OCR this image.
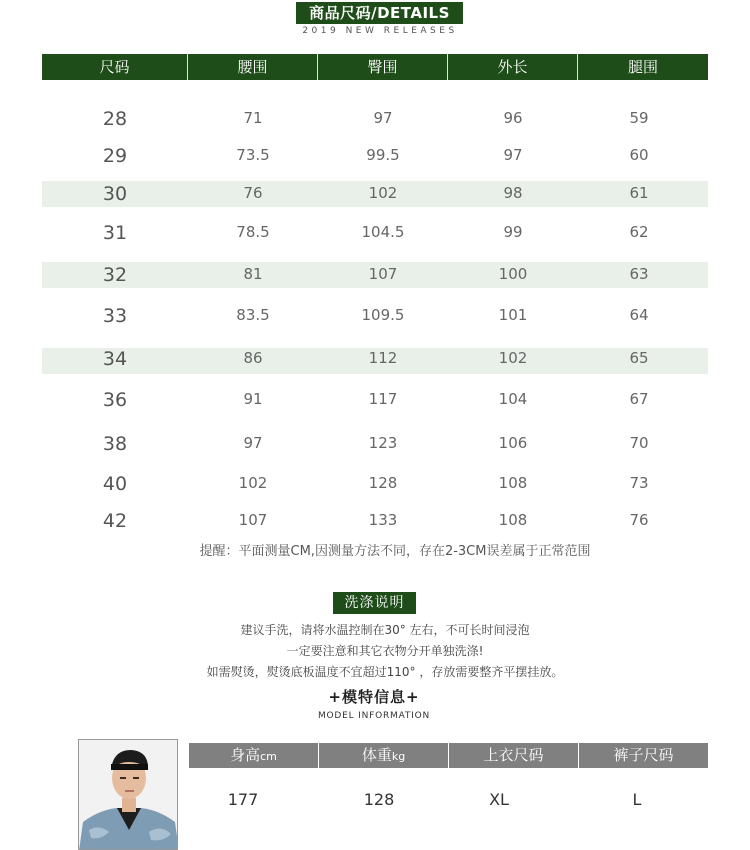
商品尺码/DETAILS
2019 NEW RELEASES
尺码	腰围	臀围	外长	腿围
28	71	97	96	59
29	73.5	99.5	97	60
30	76	102	98	61
31	78.5	104.5	99	62
32	81	107	100	63
33	83.5	109.5	101	64
34	86	112	102	65
36	91	117	104	67
38	97	123	106	70
40	102	128	108	73
42	107	133	108	76
提醒：平面测量CM,因测量方法不同，存在2-3CM误差属于正常范围
洗涤说明
建议手洗，请将水温控制在30° 左右，不可长时间浸泡
一定要注意和其它衣物分开单独洗涤!
如需熨烫，熨烫底板温度不宜超过110° ，存放需要整齐平摆挂放。
+模特信息+
MODEL INFORMATION
身高cm	体重kg	上衣尺码	裤子尺码
177	128	XL	L
